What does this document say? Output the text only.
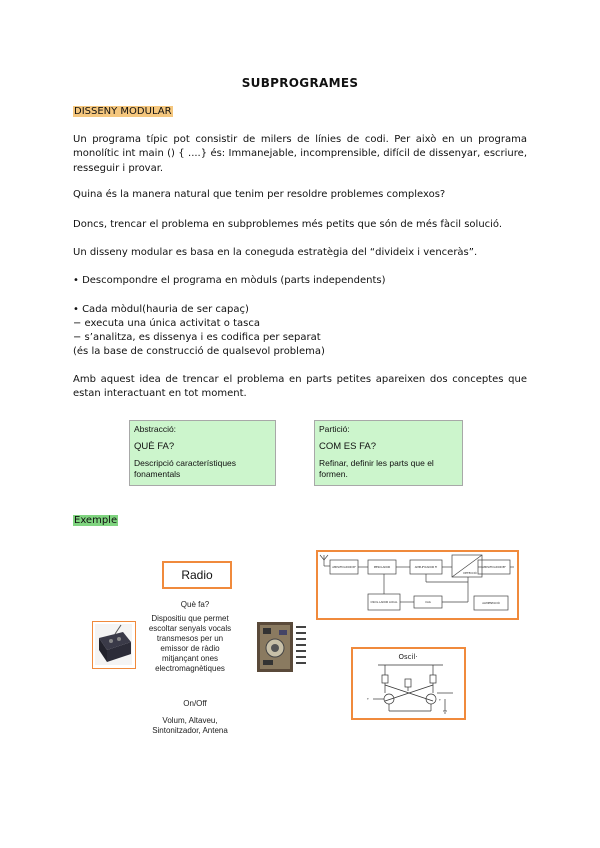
SUBPROGRAMES
DISSENY MODULAR

Un programa típic pot consistir de milers de línies de codi. Per això en un programa monolític int main () { ....} és: Immanejable, incomprensible, difícil de dissenyar, escriure, resseguir i provar.

Quina és la manera natural que tenim per resoldre problemes complexos?

Doncs, trencar el problema en subproblemes més petits que són de més fàcil solució.

Un disseny modular es basa en la coneguda estratègia del “divideix i venceràs”.

• Descompondre el programa en mòduls (parts independents)
• Cada mòdul(hauria de ser capaç)
− executa una única activitat o tasca
− s’analitza, es dissenya i es codifica per separat
(és la base de construcció de qualsevol problema)

Amb aquest idea de trencar el problema en parts petites apareixen dos conceptes que estan interactuant en tot moment.

Abstracció:
QUÈ FA?
Descripció característiques fonamentals
Partició:
COM ES FA?
Refinar, definir les parts que el formen.
Exemple
Radio
Què fa?
Dispositiu que permet
escoltar senyals vocals
transmesos per un
emissor de ràdio
mitjançant ones
electromagnètiques
On/Off
Volum, Altaveu,
Sintonitzador, Antena
AMPLIFICADOR RF	MESCLADOR	AMPLIFICADOR FI
DETECCIÓ
AMPLIFICADOR BF
OSCIL·LADOR LOCAL	CAG	ALIMENTACIÓ
Oscil·
T	T
